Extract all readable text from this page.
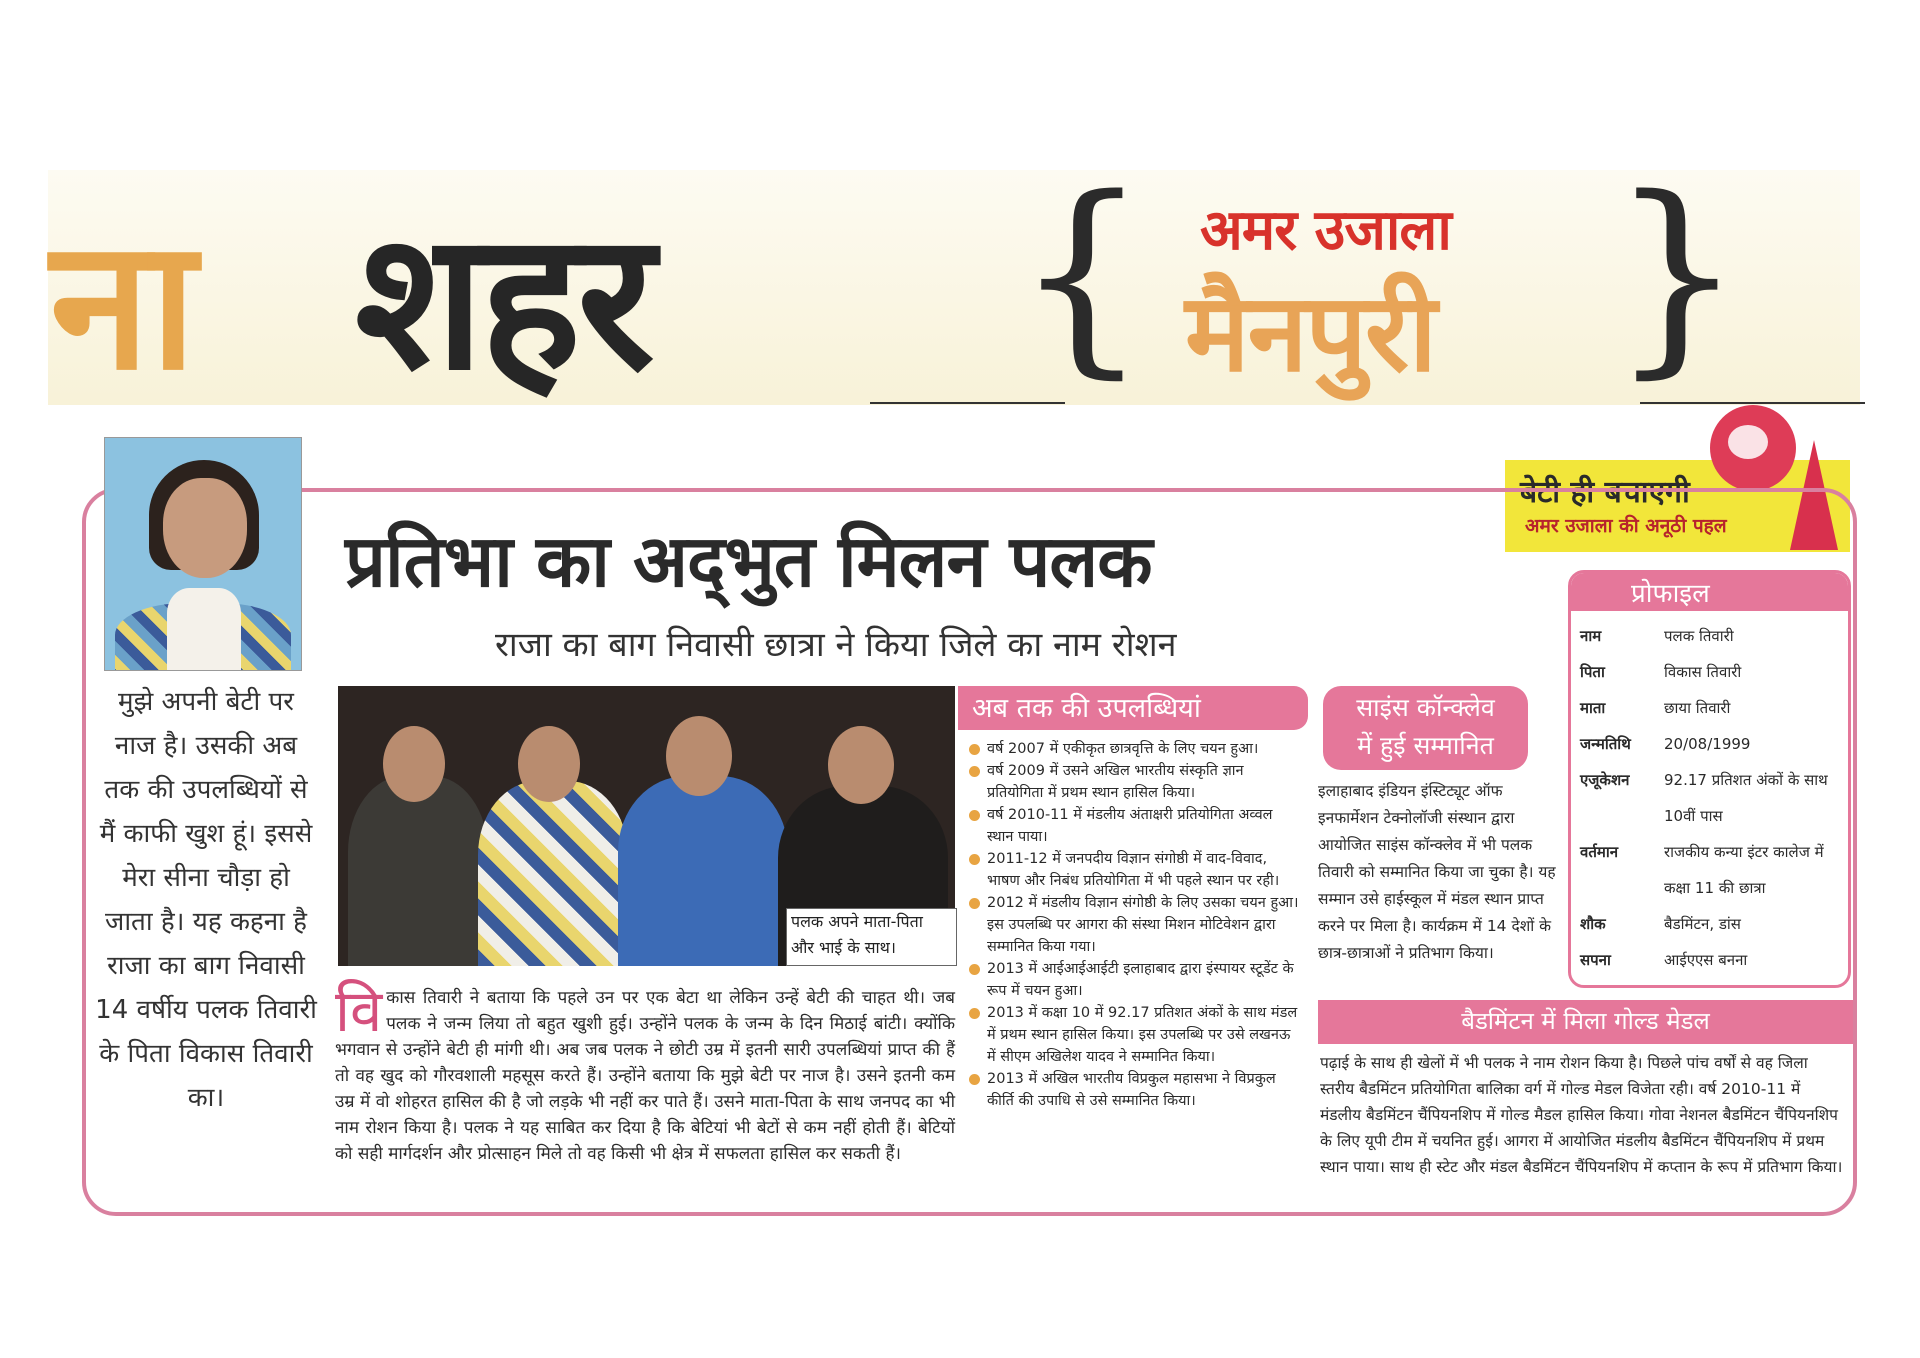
ना शहर { }
अमर उजाला
मैनपुरी
बेटी ही बचाएगी
अमर उजाला की अनूठी पहल
प्रतिभा का अद्‌भुत मिलन पलक
राजा का बाग निवासी छात्रा ने किया जिले का नाम रोशन
मुझे अपनी बेटी पर नाज है। उसकी अब तक की उपलब्धियों से मैं काफी खुश हूं। इससे मेरा सीना चौड़ा हो जाता है। यह कहना है राजा का बाग निवासी 14 वर्षीय पलक तिवारी के पिता विकास तिवारी का।
पलक अपने माता-पिता
और भाई के साथ।
वि कास तिवारी ने बताया कि पहले उन पर एक बेटा था लेकिन उन्हें बेटी की चाहत थी। जब पलक ने जन्म लिया तो बहुत खुशी हुई। उन्होंने पलक के जन्म के दिन मिठाई बांटी। क्योंकि भगवान से उन्होंने बेटी ही मांगी थी। अब जब पलक ने छोटी उम्र में इतनी सारी उपलब्धियां प्राप्त की हैं तो वह खुद को गौरवशाली महसूस करते हैं। उन्होंने बताया कि मुझे बेटी पर नाज है। उसने इतनी कम उम्र में वो शोहरत हासिल की है जो लड़के भी नहीं कर पाते हैं। उसने माता-पिता के साथ जनपद का भी नाम रोशन किया है। पलक ने यह साबित कर दिया है कि बेटियां भी बेटों से कम नहीं होती हैं। बेटियों को सही मार्गदर्शन और प्रोत्साहन मिले तो वह किसी भी क्षेत्र में सफलता हासिल कर सकती हैं।
अब तक की उपलब्धियां
वर्ष 2007 में एकीकृत छात्रवृत्ति के लिए चयन हुआ।
वर्ष 2009 में उसने अखिल भारतीय संस्कृति ज्ञान प्रतियोगिता में प्रथम स्थान हासिल किया।
वर्ष 2010-11 में मंडलीय अंताक्षरी प्रतियोगिता अव्वल स्थान पाया।
2011-12 में जनपदीय विज्ञान संगोष्ठी में वाद-विवाद, भाषण और निबंध प्रतियोगिता में भी पहले स्थान पर रही।
2012 में मंडलीय विज्ञान संगोष्ठी के लिए उसका चयन हुआ। इस उपलब्धि पर आगरा की संस्था मिशन मोटिवेशन द्वारा सम्मानित किया गया।
2013 में आईआईआईटी इलाहाबाद द्वारा इंस्पायर स्टूडेंट के रूप में चयन हुआ।
2013 में कक्षा 10 में 92.17 प्रतिशत अंकों के साथ मंडल में प्रथम स्थान हासिल किया। इस उपलब्धि पर उसे लखनऊ में सीएम अखिलेश यादव ने सम्मानित किया।
2013 में अखिल भारतीय विप्रकुल महासभा ने विप्रकुल कीर्ति की उपाधि से उसे सम्मानित किया।
साइंस कॉन्क्लेव
में हुई सम्मानित
इलाहाबाद इंडियन इंस्टिट्यूट ऑफ इनफार्मेशन टेक्नोलॉजी संस्थान द्वारा आयोजित साइंस कॉन्क्लेव में भी पलक तिवारी को सम्मानित किया जा चुका है। यह सम्मान उसे हाईस्कूल में मंडल स्थान प्राप्त करने पर मिला है। कार्यक्रम में 14 देशों के छात्र-छात्राओं ने प्रतिभाग किया।
प्रोफाइल
नाम	पलक तिवारी
पिता	विकास तिवारी
माता	छाया तिवारी
जन्मतिथि	20/08/1999
एजूकेशन	92.17 प्रतिशत अंकों के साथ 10वीं पास
वर्तमान	राजकीय कन्या इंटर कालेज में कक्षा 11 की छात्रा
शौक	बैडमिंटन, डांस
सपना	आईएएस बनना
बैडमिंटन में मिला गोल्ड मेडल
पढ़ाई के साथ ही खेलों में भी पलक ने नाम रोशन किया है। पिछले पांच वर्षों से वह जिला स्तरीय बैडमिंटन प्रतियोगिता बालिका वर्ग में गोल्ड मेडल विजेता रही। वर्ष 2010-11 में मंडलीय बैडमिंटन चैंपियनशिप में गोल्ड मैडल हासिल किया। गोवा नेशनल बैडमिंटन चैंपियनशिप के लिए यूपी टीम में चयनित हुई। आगरा में आयोजित मंडलीय बैडमिंटन चैंपियनशिप में प्रथम स्थान पाया। साथ ही स्टेट और मंडल बैडमिंटन चैंपियनशिप में कप्तान के रूप में प्रतिभाग किया।
